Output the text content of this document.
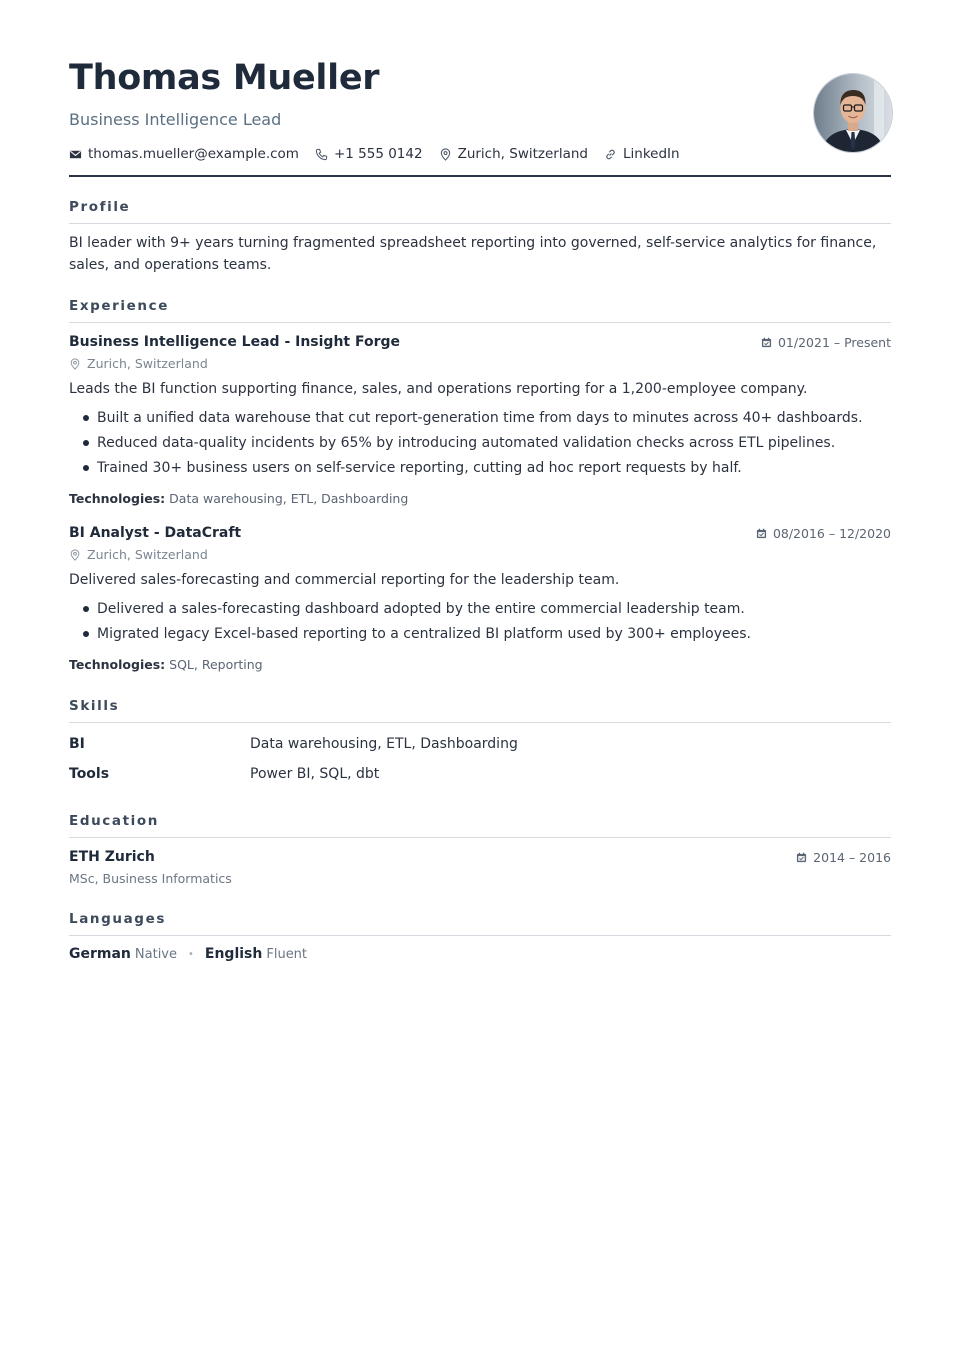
Thomas Mueller
Business Intelligence Lead
thomas.mueller@example.com	+1 555 0142	Zurich, Switzerland	LinkedIn
Profile
BI leader with 9+ years turning fragmented spreadsheet reporting into governed, self-service analytics for finance, sales, and operations teams.
Experience
Business Intelligence Lead - Insight Forge	01/2021 – Present
Zurich, Switzerland
Leads the BI function supporting finance, sales, and operations reporting for a 1,200-employee company.
Built a unified data warehouse that cut report-generation time from days to minutes across 40+ dashboards.
Reduced data-quality incidents by 65% by introducing automated validation checks across ETL pipelines.
Trained 30+ business users on self-service reporting, cutting ad hoc report requests by half.
Technologies: Data warehousing, ETL, Dashboarding
BI Analyst - DataCraft	08/2016 – 12/2020
Zurich, Switzerland
Delivered sales-forecasting and commercial reporting for the leadership team.
Delivered a sales-forecasting dashboard adopted by the entire commercial leadership team.
Migrated legacy Excel-based reporting to a centralized BI platform used by 300+ employees.
Technologies: SQL, Reporting
Skills
BI	Data warehousing, ETL, Dashboarding
Tools	Power BI, SQL, dbt
Education
ETH Zurich	2014 – 2016
MSc, Business Informatics
Languages
German Native • English Fluent
